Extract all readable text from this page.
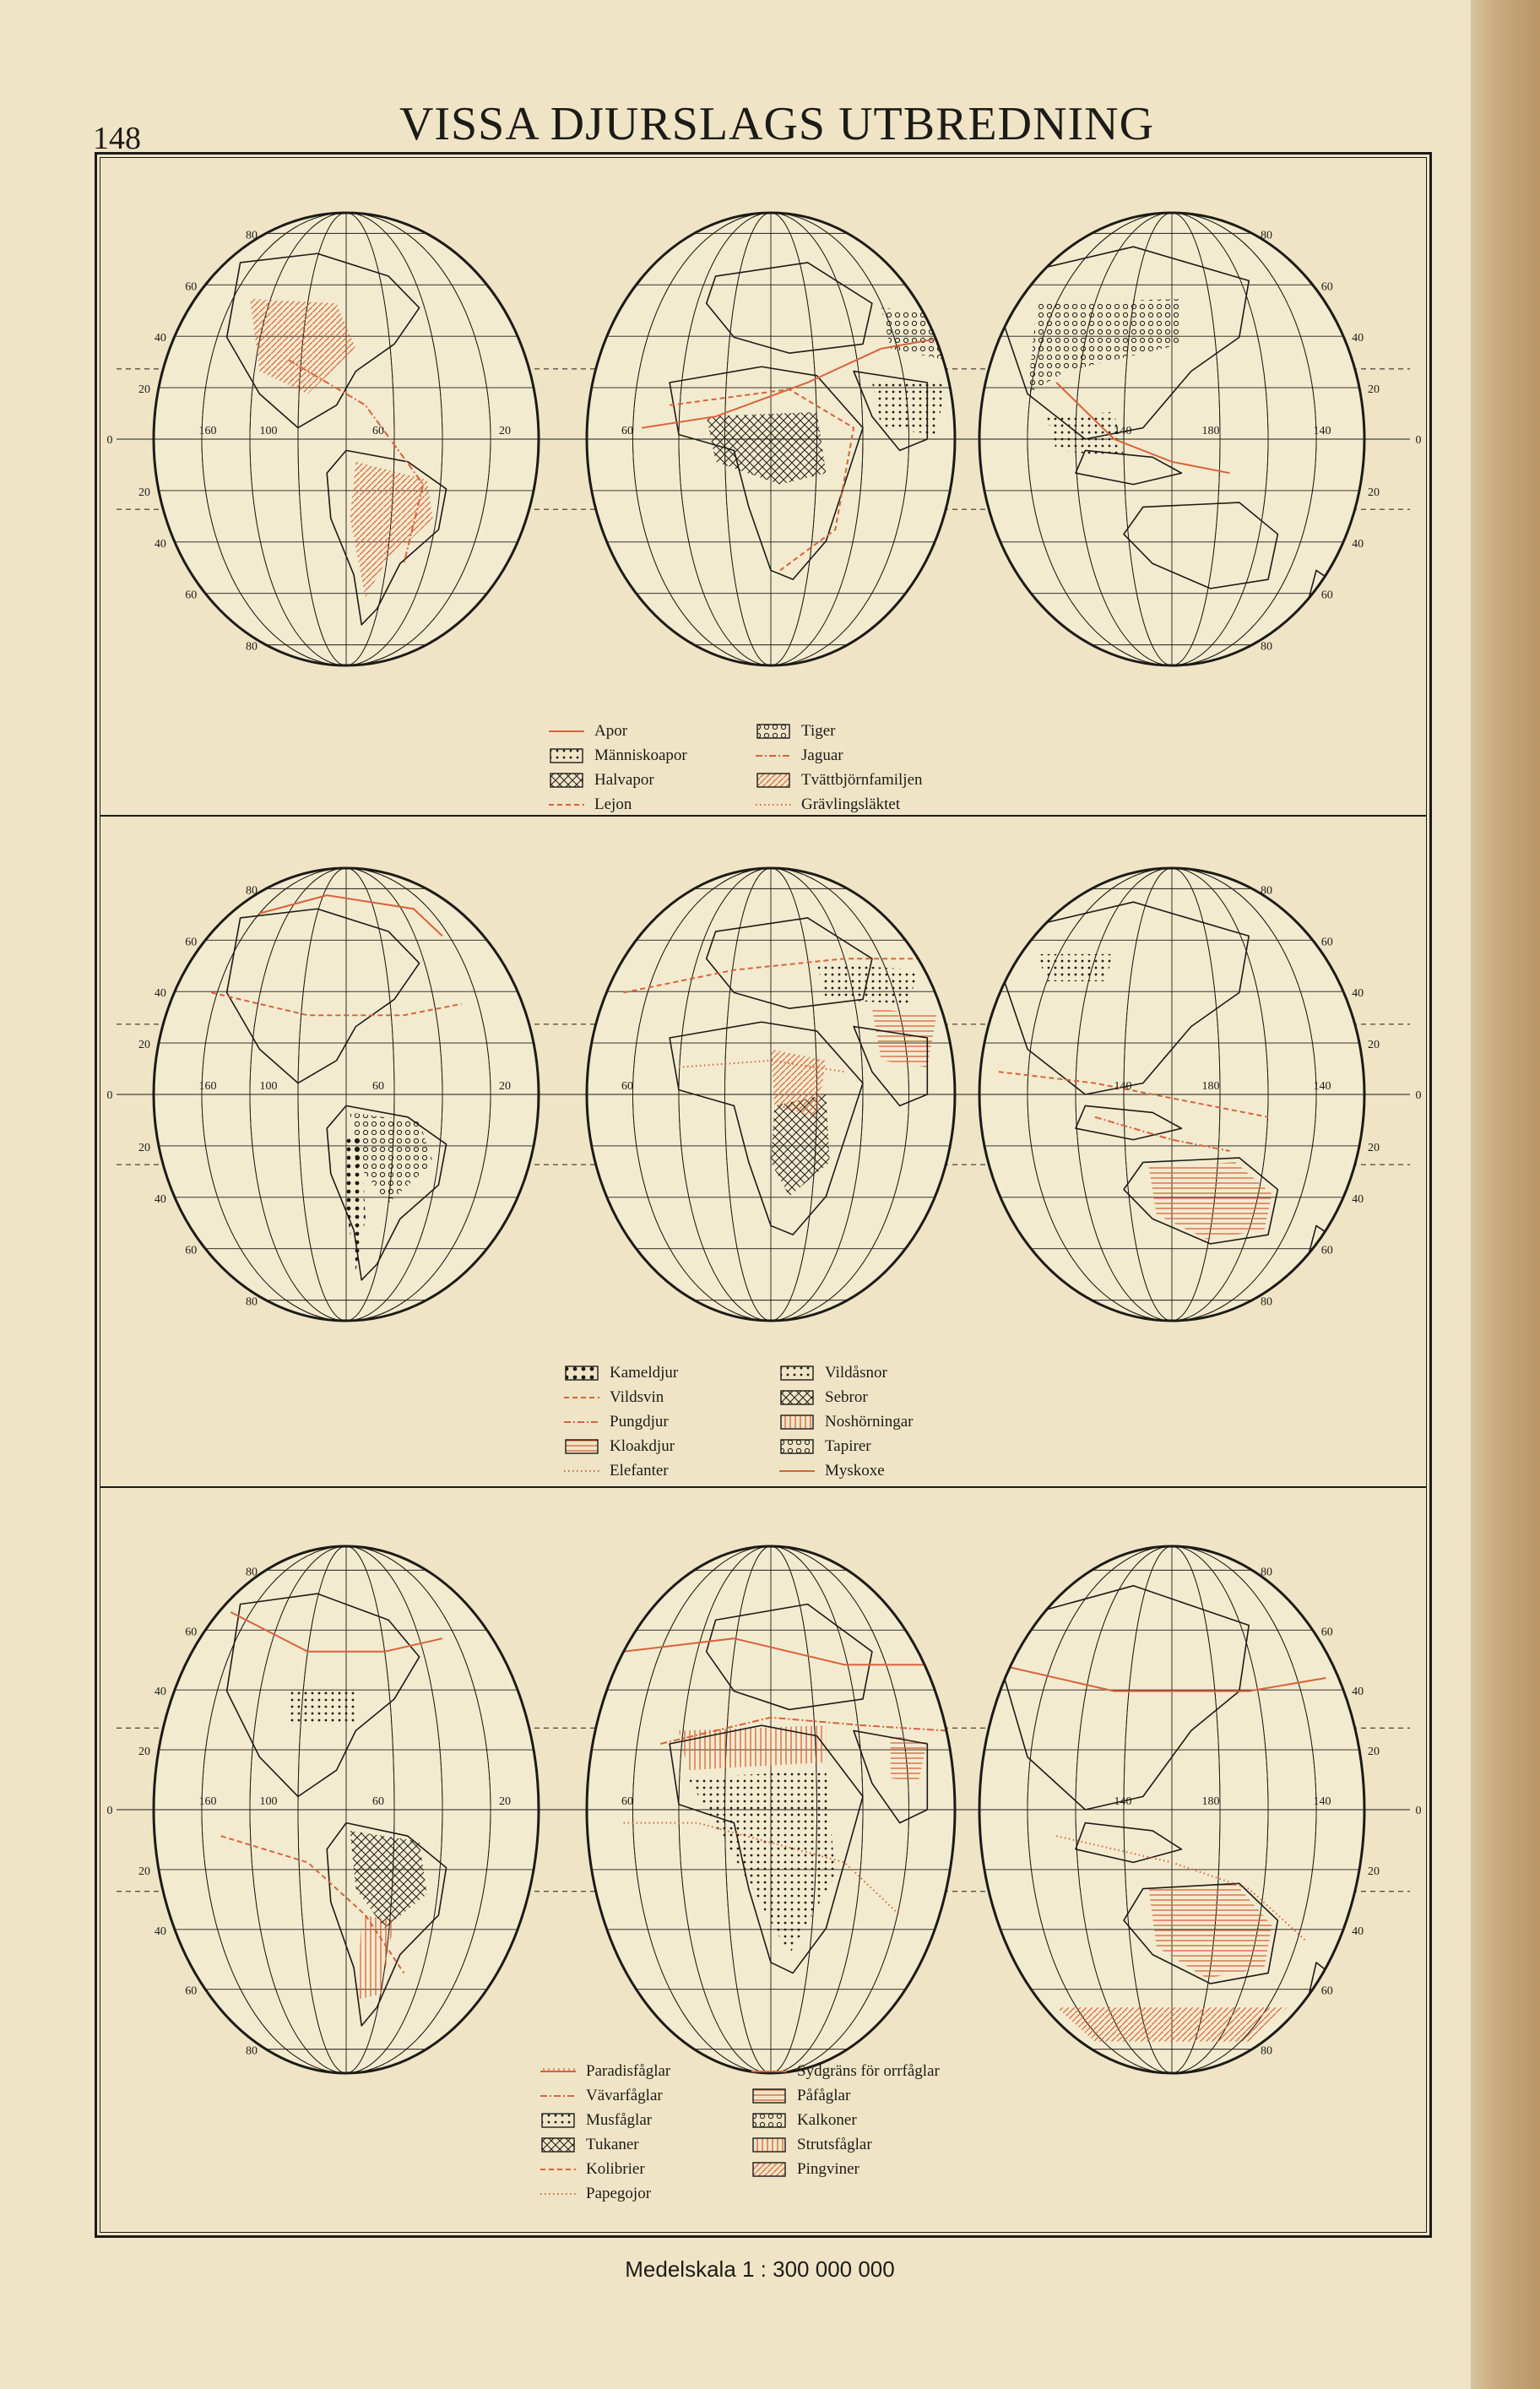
148	VISSA DJURSLAGS UTBREDNING
80
60
40
20
20
40
60
80
80
60
40
20
20
40
60
80
160	100	60	20	60	140	180	140
0	0
Apor
Människoapor
Halvapor
Lejon
Tiger
Jaguar
Tvättbjörnfamiljen
Grävlingsläktet
80
60
40
20
20
40
60
80
80
60
40
20
20
40
60
80
160	100	60	20	60	140	180	140
0	0
Kameldjur
Vildsvin
Pungdjur
Kloakdjur
Elefanter
Vildåsnor
Sebror
Noshörningar
Tapirer
Myskoxe
80
60
40
20
20
40
60
80
80
60
40
20
20
40
60
80
160	100	60	20	60	140	180	140
0	0
Paradisfåglar
Vävarfåglar
Musfåglar
Tukaner
Kolibrier
Papegojor
Sydgräns för orrfåglar
Påfåglar
Kalkoner
Strutsfåglar
Pingviner
Medelskala 1 : 300 000 000
